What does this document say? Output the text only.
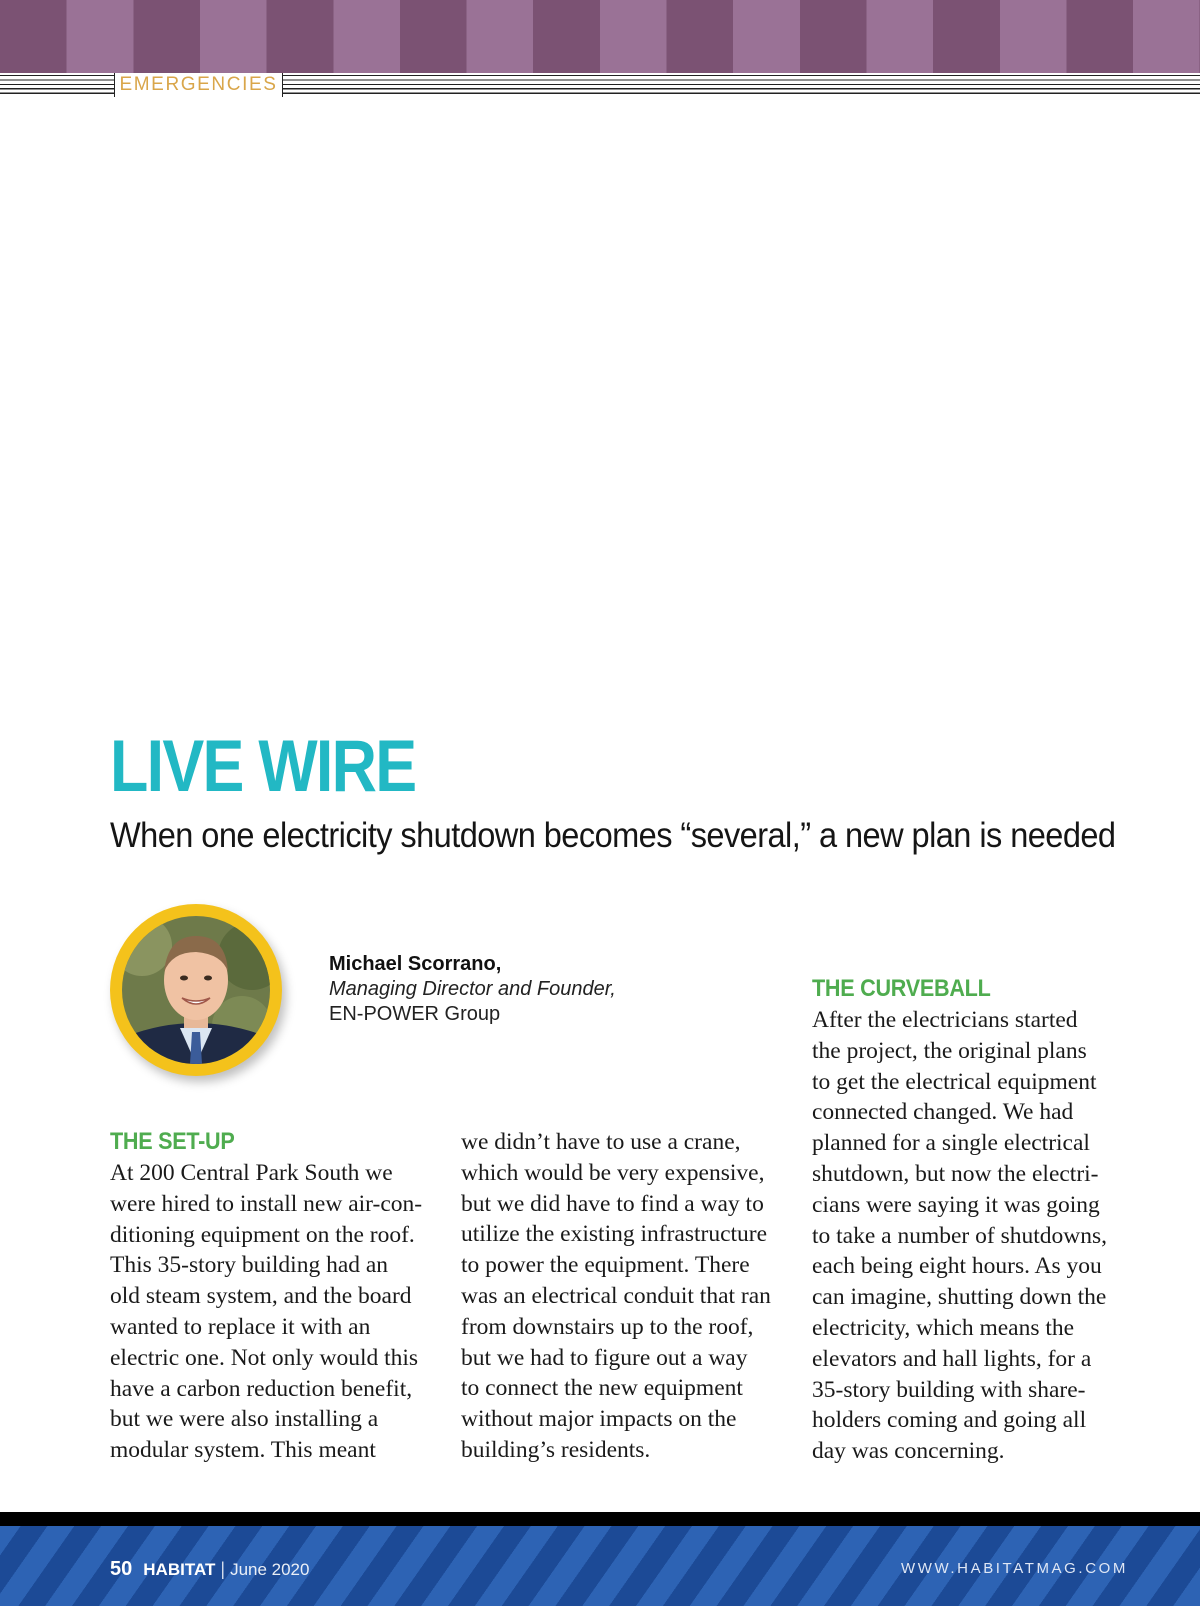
EMERGENCIES
LIVE WIRE
When one electricity shutdown becomes “several,” a new plan is needed
Michael Scorrano,
Managing Director and Founder,
EN-POWER Group
THE SET-UP
At 200 Central Park South we
were hired to install new air-con-
ditioning equipment on the roof.
This 35-story building had an
old steam system, and the board
wanted to replace it with an
electric one. Not only would this
have a carbon reduction benefit,
but we were also installing a
modular system. This meant
we didn’t have to use a crane,
which would be very expensive,
but we did have to find a way to
utilize the existing infrastructure
to power the equipment. There
was an electrical conduit that ran
from downstairs up to the roof,
but we had to figure out a way
to connect the new equipment
without major impacts on the
building’s residents.
THE CURVEBALL
After the electricians started
the project, the original plans
to get the electrical equipment
connected changed. We had
planned for a single electrical
shutdown, but now the electri-
cians were saying it was going
to take a number of shutdowns,
each being eight hours. As you
can imagine, shutting down the
electricity, which means the
elevators and hall lights, for a
35-story building with share-
holders coming and going all
day was concerning.
50 HABITAT | June 2020	WWW.HABITATMAG.COM
